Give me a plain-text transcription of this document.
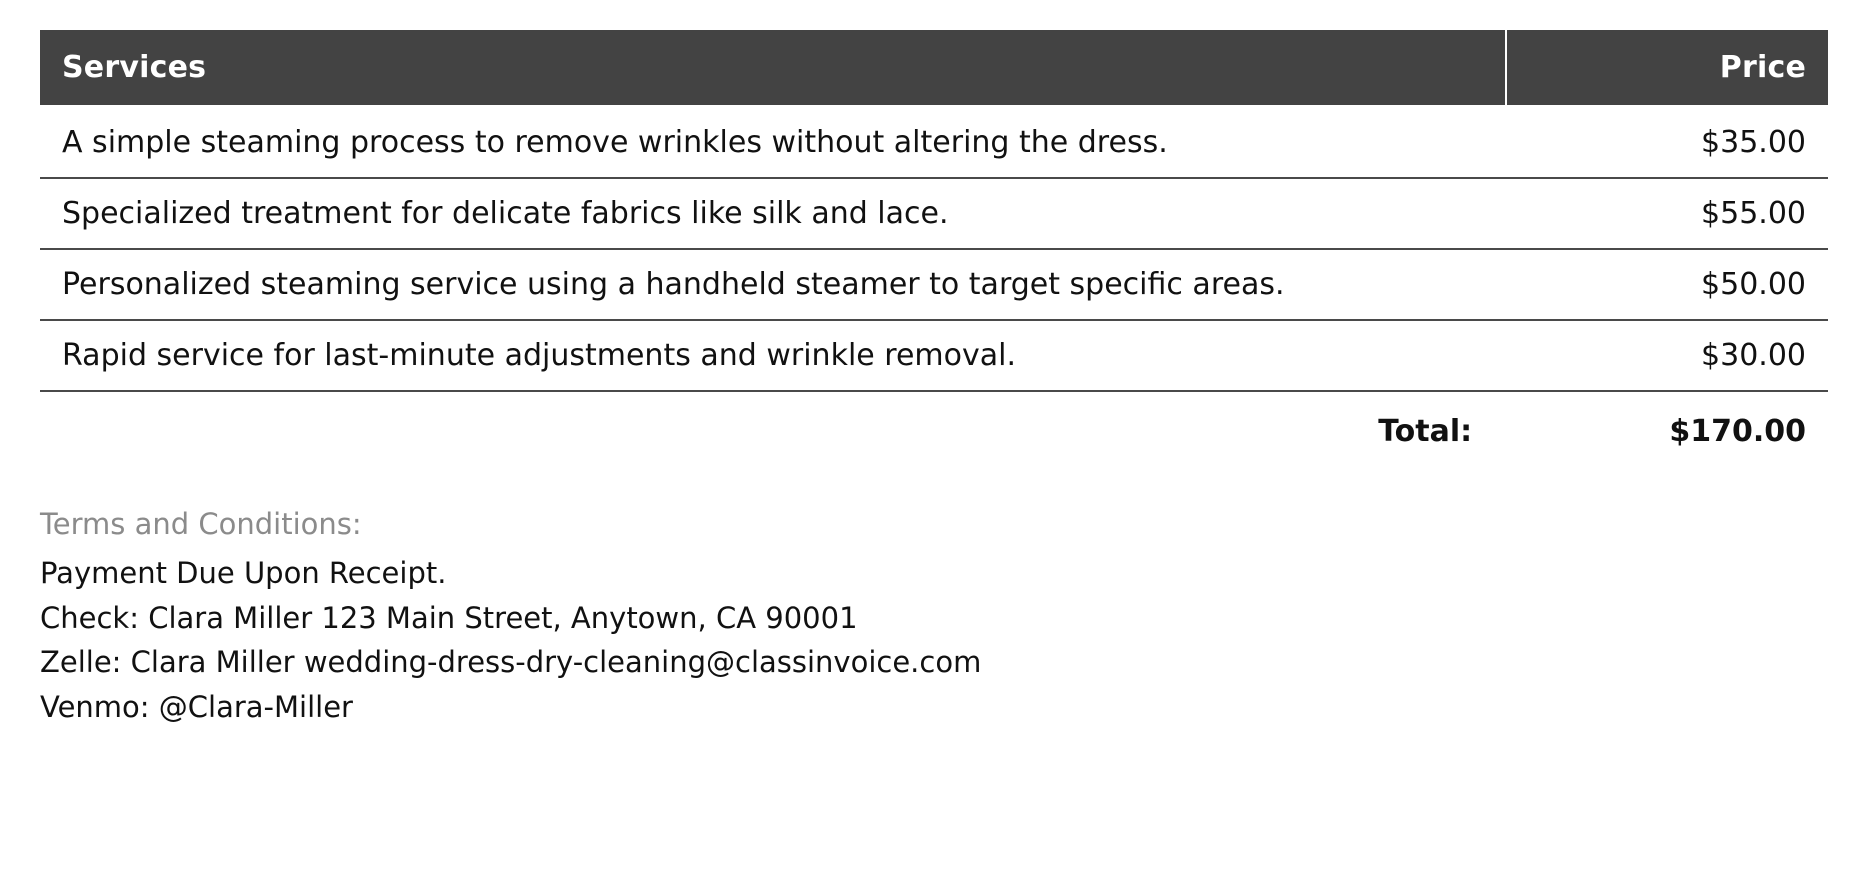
Services	Price
A simple steaming process to remove wrinkles without altering the dress.	$35.00
Specialized treatment for delicate fabrics like silk and lace.	$55.00
Personalized steaming service using a handheld steamer to target specific areas.	$50.00
Rapid service for last-minute adjustments and wrinkle removal.	$30.00
Total:	$170.00
Terms and Conditions:
Payment Due Upon Receipt.
Check: Clara Miller 123 Main Street, Anytown, CA 90001
Zelle: Clara Miller wedding-dress-dry-cleaning@classinvoice.com
Venmo: @Clara-Miller
